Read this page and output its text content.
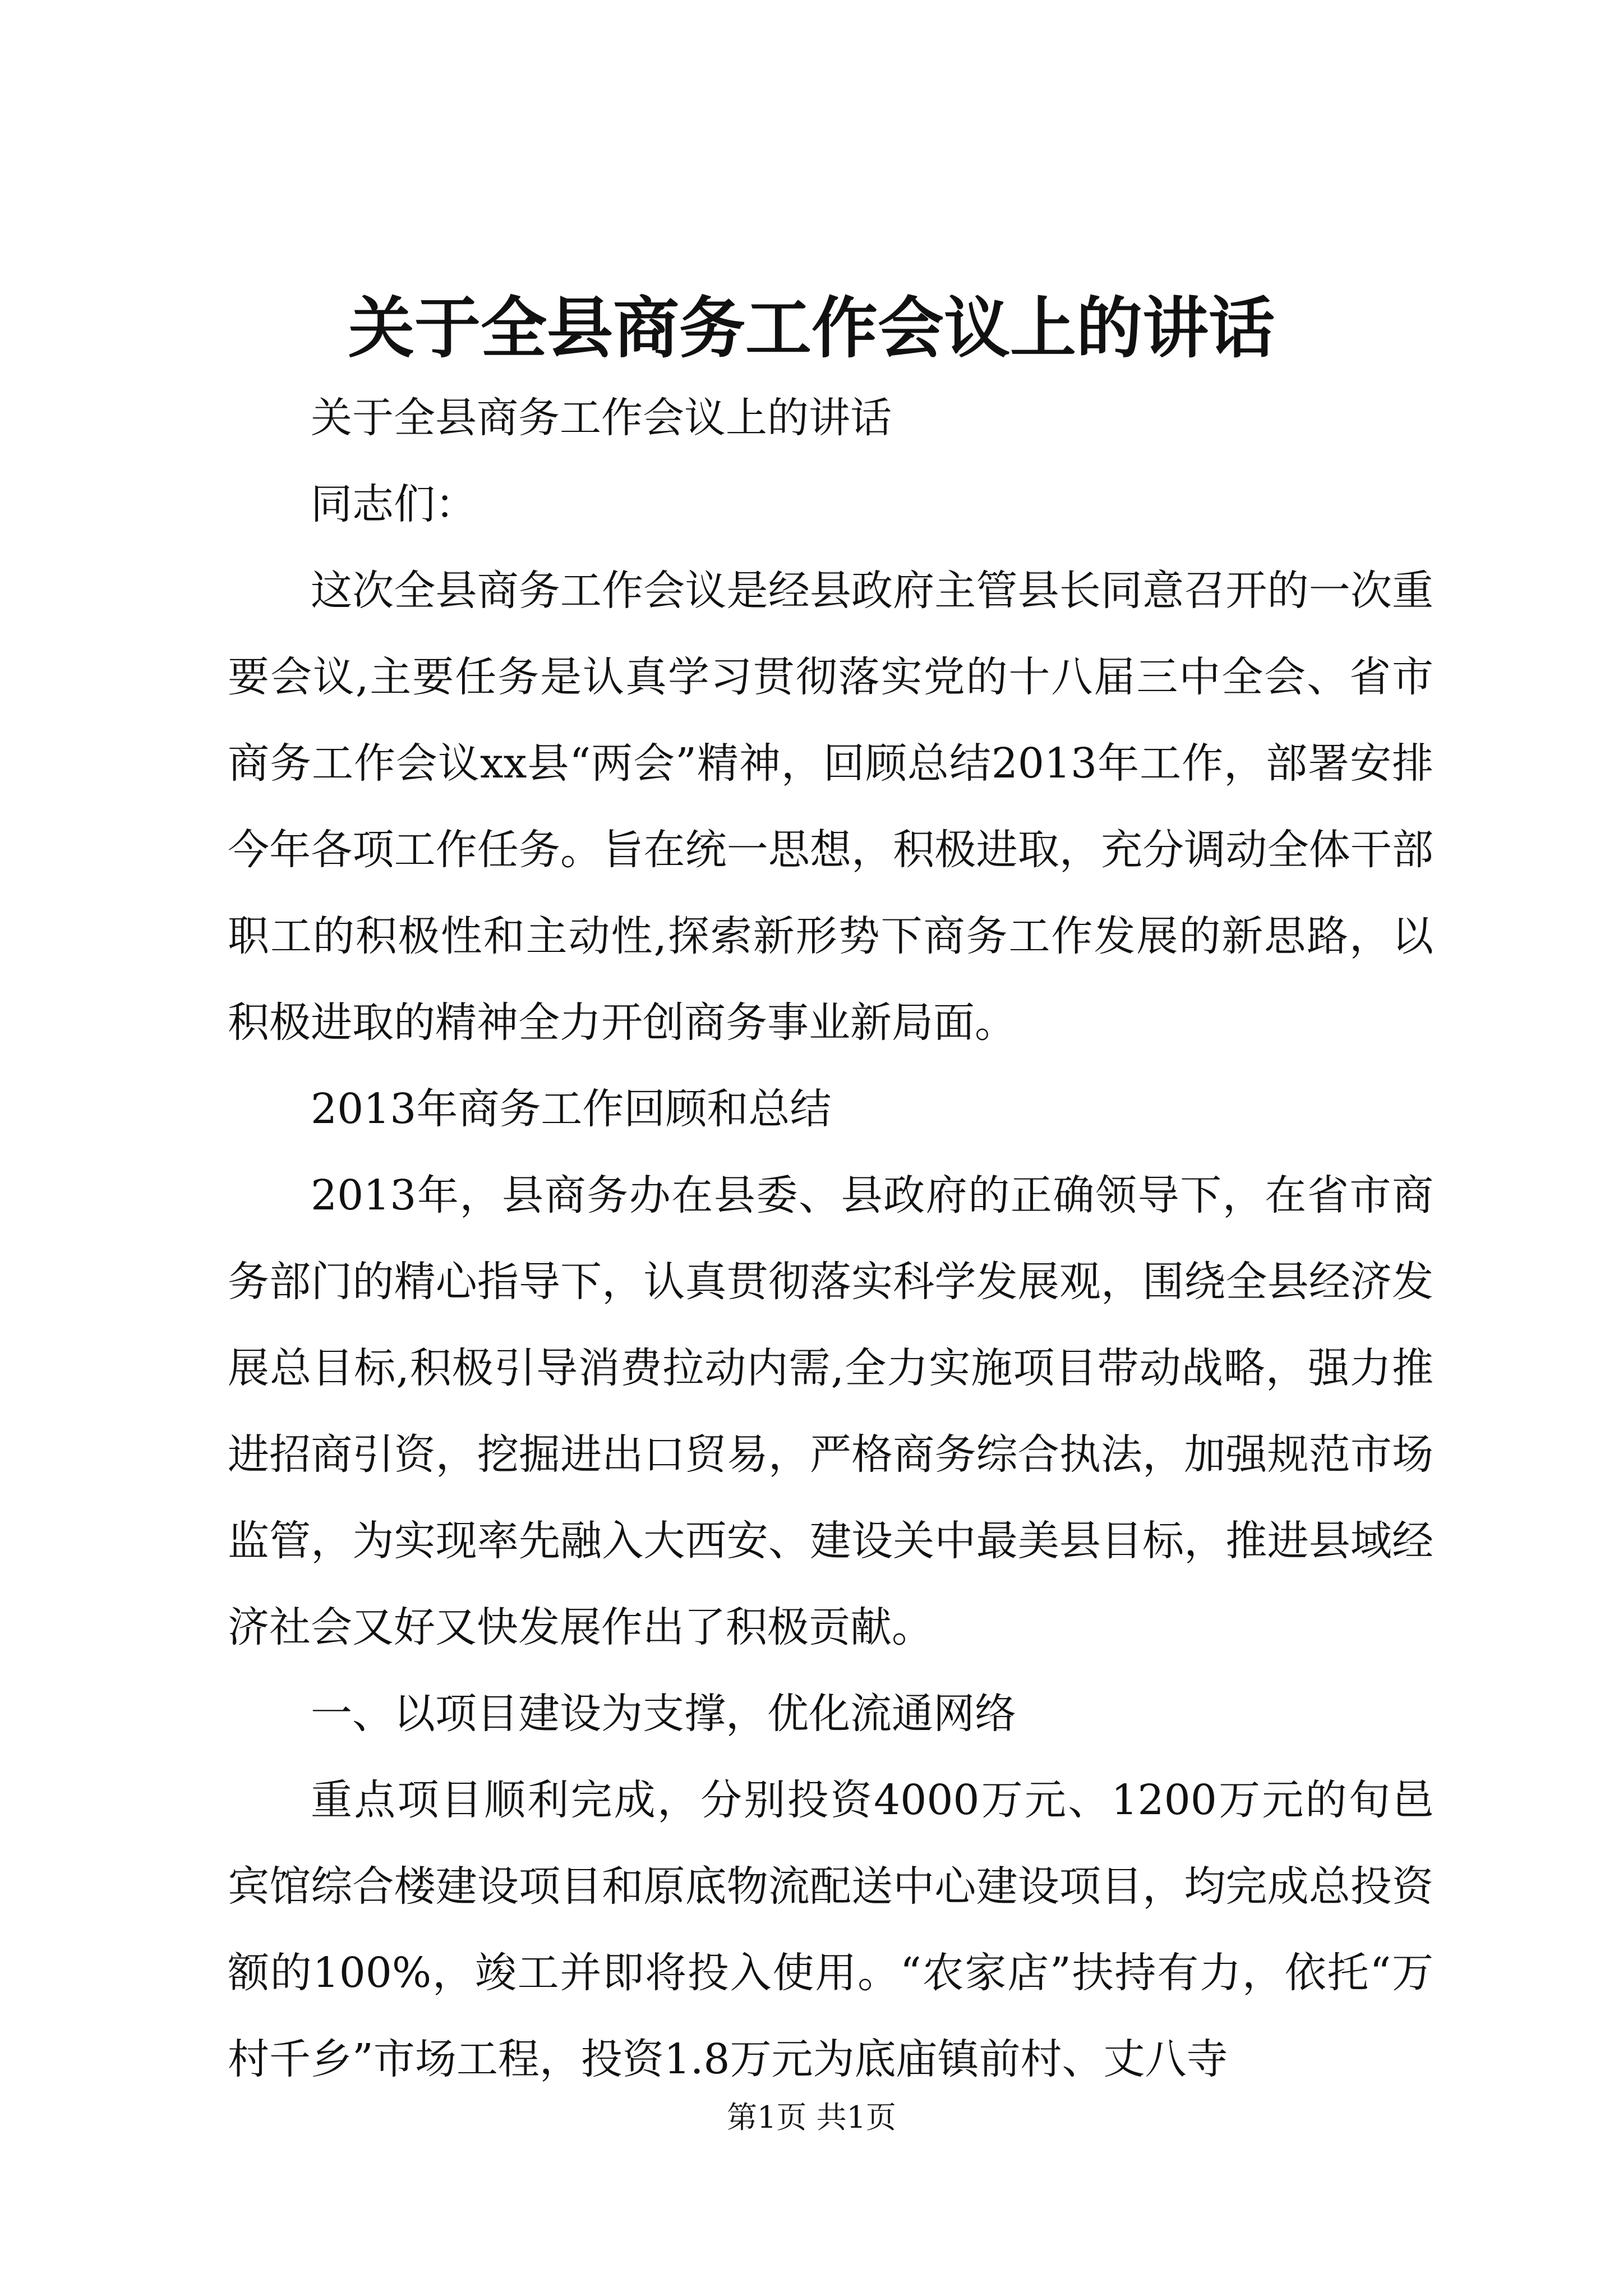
关于全县商务工作会议上的讲话

关于全县商务工作会议上的讲话

同志们：

这次全县商务工作会议是经县政府主管县长同意召开的一次重要会议,主要任务是认真学习贯彻落实党的十八届三中全会、省市商务工作会议xx县“两会”精神，回顾总结2013年工作，部署安排今年各项工作任务。旨在统一思想，积极进取，充分调动全体干部职工的积极性和主动性,探索新形势下商务工作发展的新思路，以积极进取的精神全力开创商务事业新局面。

2013年商务工作回顾和总结

2013年，县商务办在县委、县政府的正确领导下，在省市商务部门的精心指导下，认真贯彻落实科学发展观，围绕全县经济发展总目标,积极引导消费拉动内需,全力实施项目带动战略，强力推进招商引资，挖掘进出口贸易，严格商务综合执法，加强规范市场监管，为实现率先融入大西安、建设关中最美县目标，推进县域经济社会又好又快发展作出了积极贡献。

一、以项目建设为支撑，优化流通网络

重点项目顺利完成，分别投资4000万元、1200万元的旬邑宾馆综合楼建设项目和原底物流配送中心建设项目，均完成总投资额的100%，竣工并即将投入使用。“农家店”扶持有力，依托“万村千乡”市场工程，投资1.8万元为底庙镇前村、丈八寺

第1页 共1页
